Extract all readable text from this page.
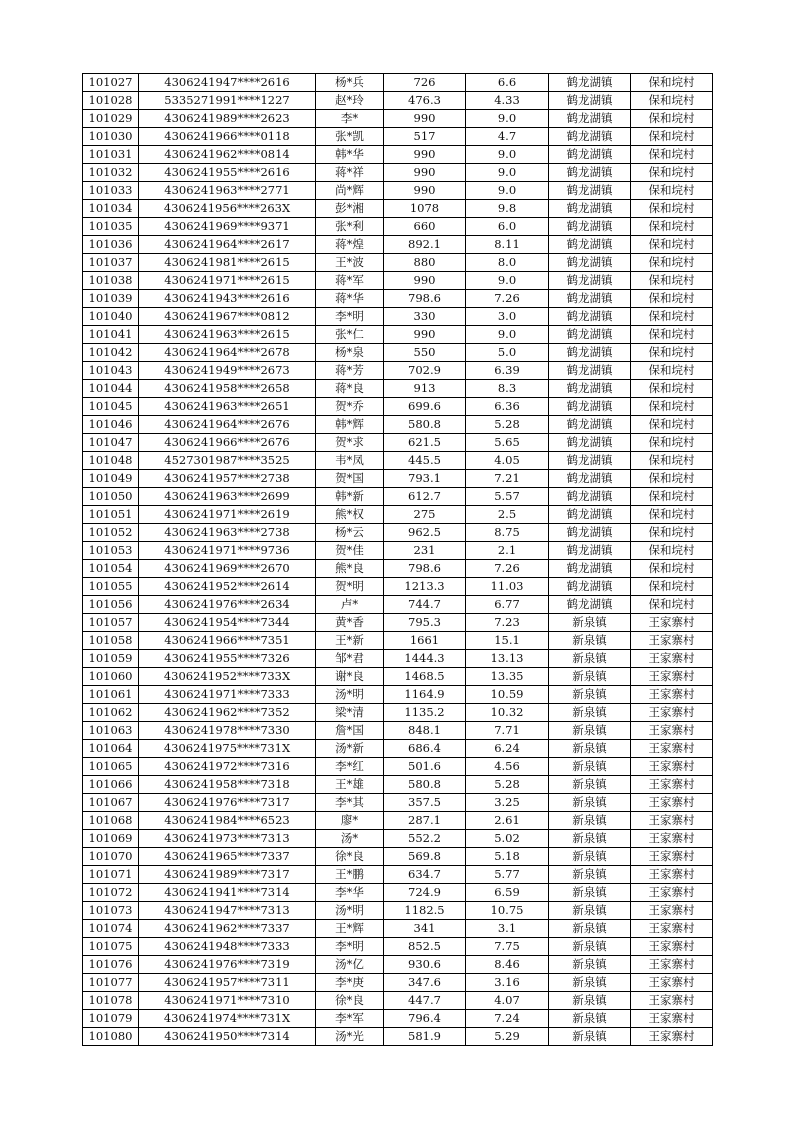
101027	4306241947****2616	杨*兵	726	6.6	鹤龙湖镇	保和垸村
101028	5335271991****1227	赵*玲	476.3	4.33	鹤龙湖镇	保和垸村
101029	4306241989****2623	李*	990	9.0	鹤龙湖镇	保和垸村
101030	4306241966****0118	张*凯	517	4.7	鹤龙湖镇	保和垸村
101031	4306241962****0814	韩*华	990	9.0	鹤龙湖镇	保和垸村
101032	4306241955****2616	蒋*祥	990	9.0	鹤龙湖镇	保和垸村
101033	4306241963****2771	尚*辉	990	9.0	鹤龙湖镇	保和垸村
101034	4306241956****263X	彭*湘	1078	9.8	鹤龙湖镇	保和垸村
101035	4306241969****9371	张*利	660	6.0	鹤龙湖镇	保和垸村
101036	4306241964****2617	蒋*煌	892.1	8.11	鹤龙湖镇	保和垸村
101037	4306241981****2615	王*波	880	8.0	鹤龙湖镇	保和垸村
101038	4306241971****2615	蒋*军	990	9.0	鹤龙湖镇	保和垸村
101039	4306241943****2616	蒋*华	798.6	7.26	鹤龙湖镇	保和垸村
101040	4306241967****0812	李*明	330	3.0	鹤龙湖镇	保和垸村
101041	4306241963****2615	张*仁	990	9.0	鹤龙湖镇	保和垸村
101042	4306241964****2678	杨*泉	550	5.0	鹤龙湖镇	保和垸村
101043	4306241949****2673	蒋*芳	702.9	6.39	鹤龙湖镇	保和垸村
101044	4306241958****2658	蒋*良	913	8.3	鹤龙湖镇	保和垸村
101045	4306241963****2651	贺*乔	699.6	6.36	鹤龙湖镇	保和垸村
101046	4306241964****2676	韩*辉	580.8	5.28	鹤龙湖镇	保和垸村
101047	4306241966****2676	贺*求	621.5	5.65	鹤龙湖镇	保和垸村
101048	4527301987****3525	韦*凤	445.5	4.05	鹤龙湖镇	保和垸村
101049	4306241957****2738	贺*国	793.1	7.21	鹤龙湖镇	保和垸村
101050	4306241963****2699	韩*新	612.7	5.57	鹤龙湖镇	保和垸村
101051	4306241971****2619	熊*权	275	2.5	鹤龙湖镇	保和垸村
101052	4306241963****2738	杨*云	962.5	8.75	鹤龙湖镇	保和垸村
101053	4306241971****9736	贺*佳	231	2.1	鹤龙湖镇	保和垸村
101054	4306241969****2670	熊*良	798.6	7.26	鹤龙湖镇	保和垸村
101055	4306241952****2614	贺*明	1213.3	11.03	鹤龙湖镇	保和垸村
101056	4306241976****2634	卢*	744.7	6.77	鹤龙湖镇	保和垸村
101057	4306241954****7344	黄*香	795.3	7.23	新泉镇	王家寨村
101058	4306241966****7351	王*新	1661	15.1	新泉镇	王家寨村
101059	4306241955****7326	邹*君	1444.3	13.13	新泉镇	王家寨村
101060	4306241952****733X	谢*良	1468.5	13.35	新泉镇	王家寨村
101061	4306241971****7333	汤*明	1164.9	10.59	新泉镇	王家寨村
101062	4306241962****7352	梁*清	1135.2	10.32	新泉镇	王家寨村
101063	4306241978****7330	詹*国	848.1	7.71	新泉镇	王家寨村
101064	4306241975****731X	汤*新	686.4	6.24	新泉镇	王家寨村
101065	4306241972****7316	李*红	501.6	4.56	新泉镇	王家寨村
101066	4306241958****7318	王*雄	580.8	5.28	新泉镇	王家寨村
101067	4306241976****7317	李*其	357.5	3.25	新泉镇	王家寨村
101068	4306241984****6523	廖*	287.1	2.61	新泉镇	王家寨村
101069	4306241973****7313	汤*	552.2	5.02	新泉镇	王家寨村
101070	4306241965****7337	徐*良	569.8	5.18	新泉镇	王家寨村
101071	4306241989****7317	王*鹏	634.7	5.77	新泉镇	王家寨村
101072	4306241941****7314	李*华	724.9	6.59	新泉镇	王家寨村
101073	4306241947****7313	汤*明	1182.5	10.75	新泉镇	王家寨村
101074	4306241962****7337	王*辉	341	3.1	新泉镇	王家寨村
101075	4306241948****7333	李*明	852.5	7.75	新泉镇	王家寨村
101076	4306241976****7319	汤*亿	930.6	8.46	新泉镇	王家寨村
101077	4306241957****7311	李*庚	347.6	3.16	新泉镇	王家寨村
101078	4306241971****7310	徐*良	447.7	4.07	新泉镇	王家寨村
101079	4306241974****731X	李*军	796.4	7.24	新泉镇	王家寨村
101080	4306241950****7314	汤*光	581.9	5.29	新泉镇	王家寨村
